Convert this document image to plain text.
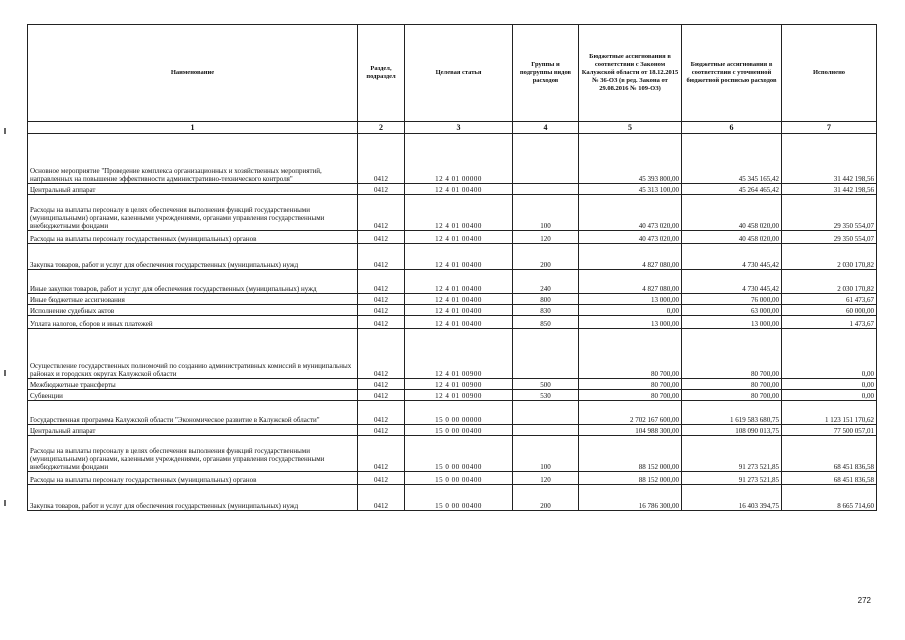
Наименование	Раздел, подраздел	Целевая статья	Группы и подгруппы видов расходов	Бюджетные ассигнования в соответствии с Законом Калужской области от 18.12.2015 № 36-ОЗ (в ред. Закона от 29.08.2016 № 109-ОЗ)	Бюджетные ассигнования в соответствии с уточненной бюджетной росписью расходов	Исполнено
1	2	3	4	5	6	7
Основное мероприятие "Проведение комплекса организационных и хозяйственных мероприятий, направленных на повышение эффективности административно-технического контроля"	0412	12 4 01 00000		45 393 800,00	45 345 165,42	31 442 198,56
Центральный аппарат	0412	12 4 01 00400		45 313 100,00	45 264 465,42	31 442 198,56
Расходы на выплаты персоналу в целях обеспечения выполнения функций государственными (муниципальными) органами, казенными учреждениями, органами управления государственными внебюджетными фондами	0412	12 4 01 00400	100	40 473 020,00	40 458 020,00	29 350 554,07
Расходы на выплаты персоналу государственных (муниципальных) органов	0412	12 4 01 00400	120	40 473 020,00	40 458 020,00	29 350 554,07
Закупка товаров, работ и услуг для обеспечения государственных (муниципальных) нужд	0412	12 4 01 00400	200	4 827 080,00	4 730 445,42	2 030 170,82
Иные закупки товаров, работ и услуг для обеспечения государственных (муниципальных) нужд	0412	12 4 01 00400	240	4 827 080,00	4 730 445,42	2 030 170,82
Иные бюджетные ассигнования	0412	12 4 01 00400	800	13 000,00	76 000,00	61 473,67
Исполнение судебных актов	0412	12 4 01 00400	830	0,00	63 000,00	60 000,00
Уплата налогов, сборов и иных платежей	0412	12 4 01 00400	850	13 000,00	13 000,00	1 473,67
Осуществление государственных полномочий по созданию административных комиссий в муниципальных районах и городских округах Калужской области	0412	12 4 01 00900		80 700,00	80 700,00	0,00
Межбюджетные трансферты	0412	12 4 01 00900	500	80 700,00	80 700,00	0,00
Субвенции	0412	12 4 01 00900	530	80 700,00	80 700,00	0,00
Государственная программа Калужской области "Экономическое развитие в Калужской области"	0412	15 0 00 00000		2 702 167 600,00	1 619 583 680,75	1 123 151 170,62
Центральный аппарат	0412	15 0 00 00400		104 988 300,00	108 090 013,75	77 500 057,01
Расходы на выплаты персоналу в целях обеспечения выполнения функций государственными (муниципальными) органами, казенными учреждениями, органами управления государственными внебюджетными фондами	0412	15 0 00 00400	100	88 152 000,00	91 273 521,85	68 451 836,58
Расходы на выплаты персоналу государственных (муниципальных) органов	0412	15 0 00 00400	120	88 152 000,00	91 273 521,85	68 451 836,58
Закупка товаров, работ и услуг для обеспечения государственных (муниципальных) нужд	0412	15 0 00 00400	200	16 786 300,00	16 403 394,75	8 665 714,60
272
